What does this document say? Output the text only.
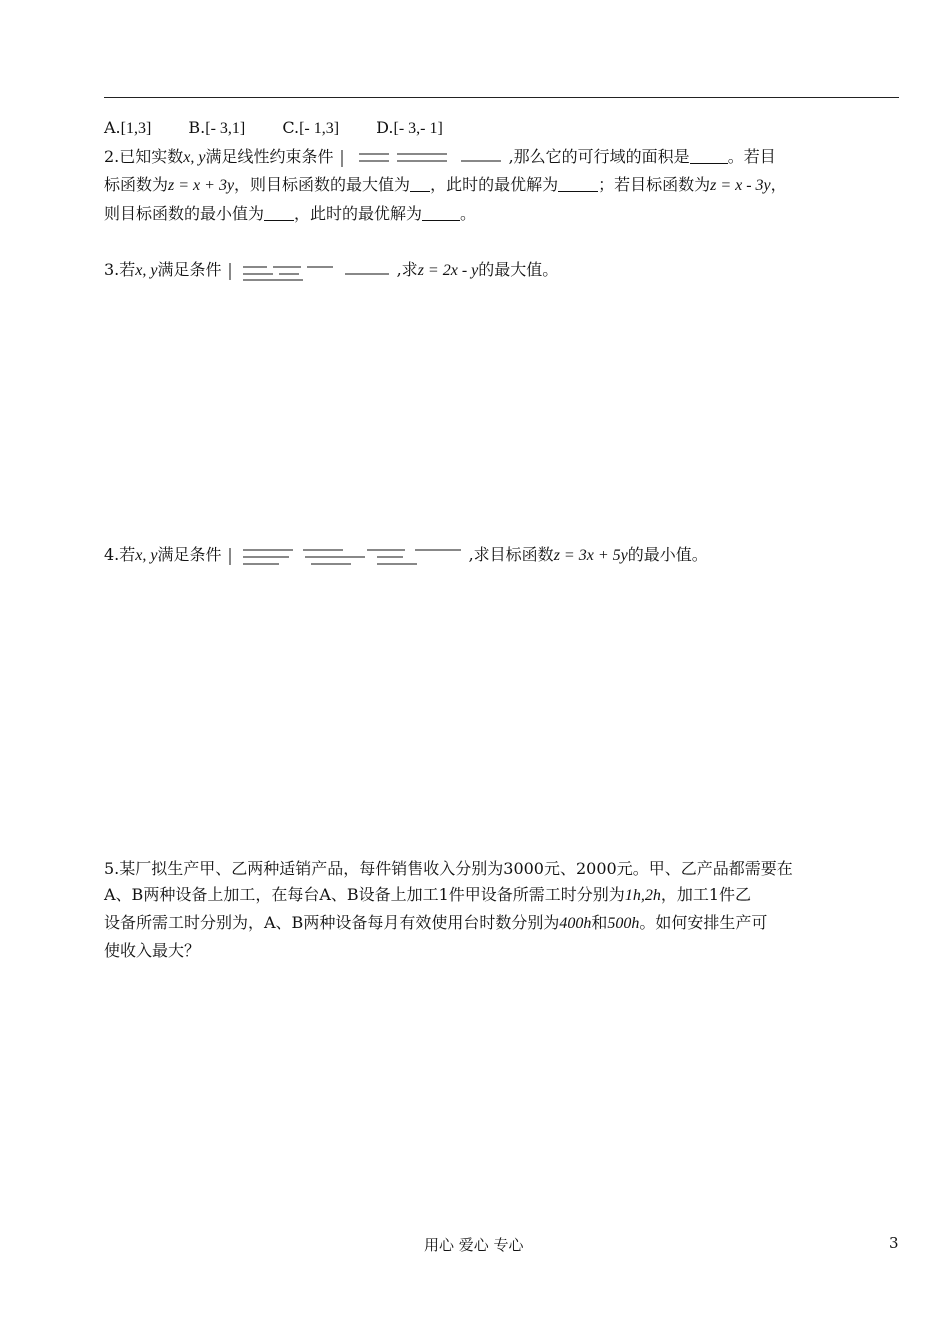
A.[1,3] B.[- 3,1] C.[- 1,3] D.[- 3,- 1]
2.已知实数x, y满足线性约束条件	,那么它的可行域的面积是 。若目
标函数为z = x + 3y，则目标函数的最大值为 ，此时的最优解为	；若目标函数为z = x - 3y，
则目标函数的最小值为 ，此时的最优解为 。
3.若x, y满足条件	,求z = 2x - y的最大值。
4.若x, y满足条件	,求目标函数z = 3x + 5y的最小值。
5.某厂拟生产甲、乙两种适销产品，每件销售收入分别为3000元、2000元。甲、乙产品都需要在
A、B两种设备上加工，在每台A、B设备上加工1件甲设备所需工时分别为1h,2h，加工1件乙
设备所需工时分别为，A、B两种设备每月有效使用台时数分别为400h和500h。如何安排生产可
使收入最大？
用心 爱心 专心	3
